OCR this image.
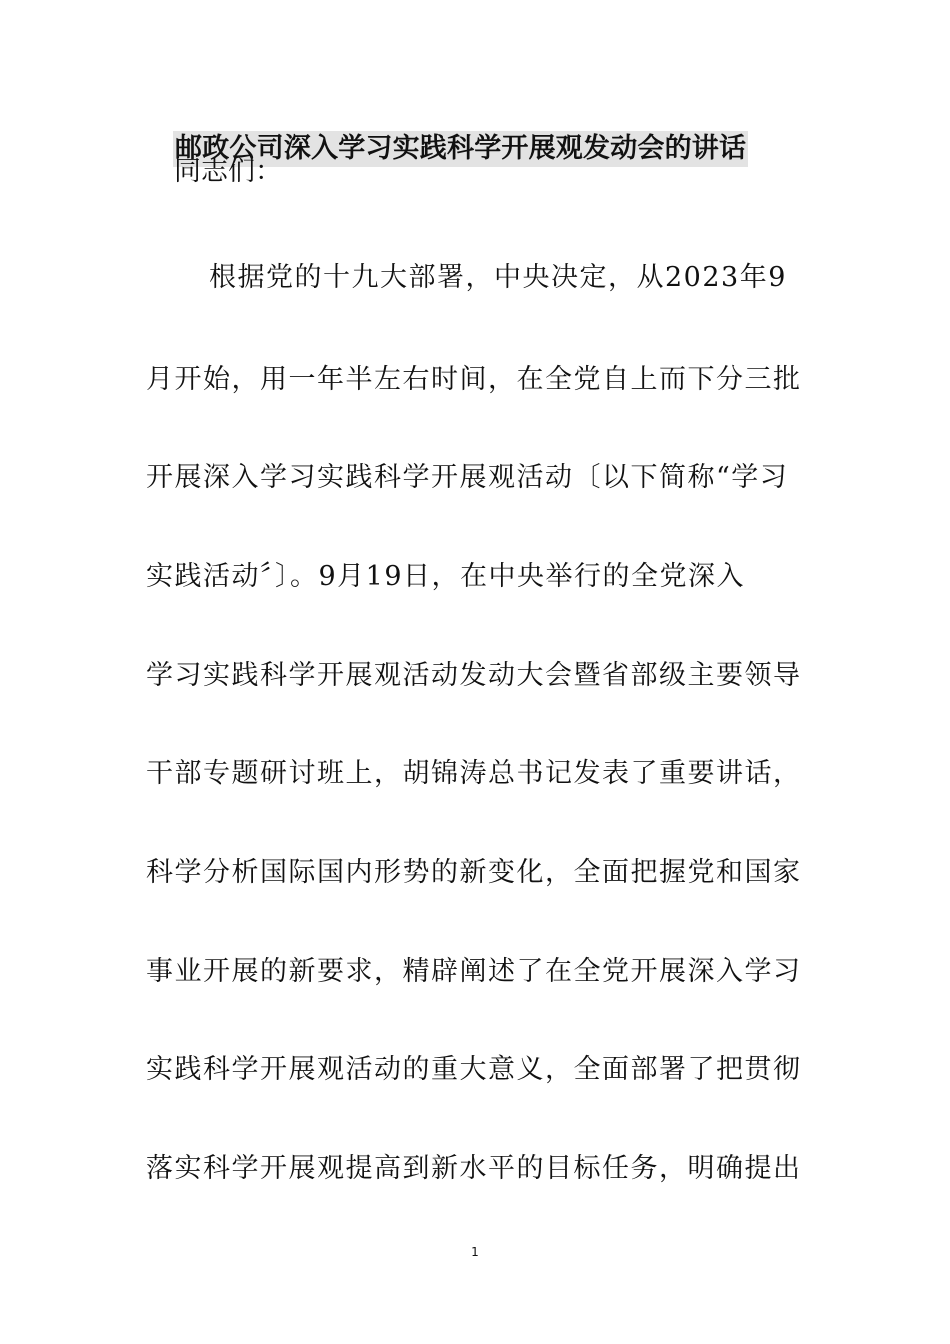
邮政公司深入学习实践科学开展观发动会的讲话
同志们：
根据党的十九大部署，中央决定，从2023年9
月开始，用一年半左右时间，在全党自上而下分三批
开展深入学习实践科学开展观活动〔以下简称“学习
实践活动〞〕。9月19日，在中央举行的全党深入
学习实践科学开展观活动发动大会暨省部级主要领导
干部专题研讨班上，胡锦涛总书记发表了重要讲话，
科学分析国际国内形势的新变化，全面把握党和国家
事业开展的新要求，精辟阐述了在全党开展深入学习
实践科学开展观活动的重大意义，全面部署了把贯彻
落实科学开展观提高到新水平的目标任务，明确提出
1
